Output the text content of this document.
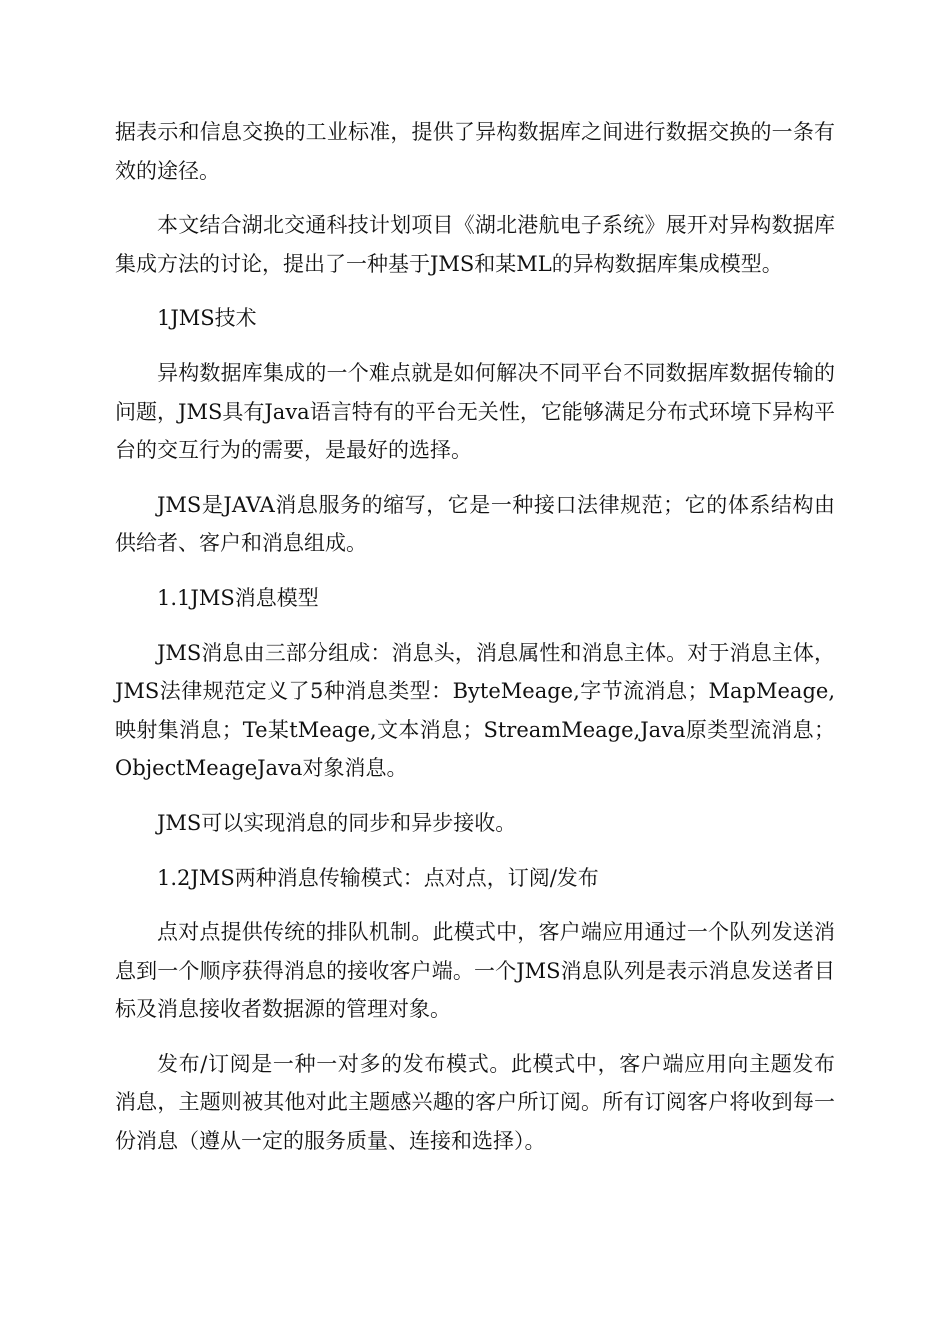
据表示和信息交换的工业标准，提供了异构数据库之间进行数据交换的一条有效的途径。

本文结合湖北交通科技计划项目《湖北港航电子系统》展开对异构数据库集成方法的讨论，提出了一种基于JMS和某ML的异构数据库集成模型。

1JMS技术

异构数据库集成的一个难点就是如何解决不同平台不同数据库数据传输的问题，JMS具有Java语言特有的平台无关性，它能够满足分布式环境下异构平台的交互行为的需要，是最好的选择。

JMS是JAVA消息服务的缩写，它是一种接口法律规范；它的体系结构由供给者、客户和消息组成。

1.1JMS消息模型

JMS消息由三部分组成：消息头，消息属性和消息主体。对于消息主体，JMS法律规范定义了5种消息类型：ByteMeage,字节流消息；MapMeage,映射集消息；Te某tMeage,文本消息；StreamMeage,Java原类型流消息；ObjectMeageJava对象消息。

JMS可以实现消息的同步和异步接收。

1.2JMS两种消息传输模式：点对点，订阅/发布

点对点提供传统的排队机制。此模式中，客户端应用通过一个队列发送消息到一个顺序获得消息的接收客户端。一个JMS消息队列是表示消息发送者目标及消息接收者数据源的管理对象。

发布/订阅是一种一对多的发布模式。此模式中，客户端应用向主题发布消息，主题则被其他对此主题感兴趣的客户所订阅。所有订阅客户将收到每一份消息（遵从一定的服务质量、连接和选择）。
